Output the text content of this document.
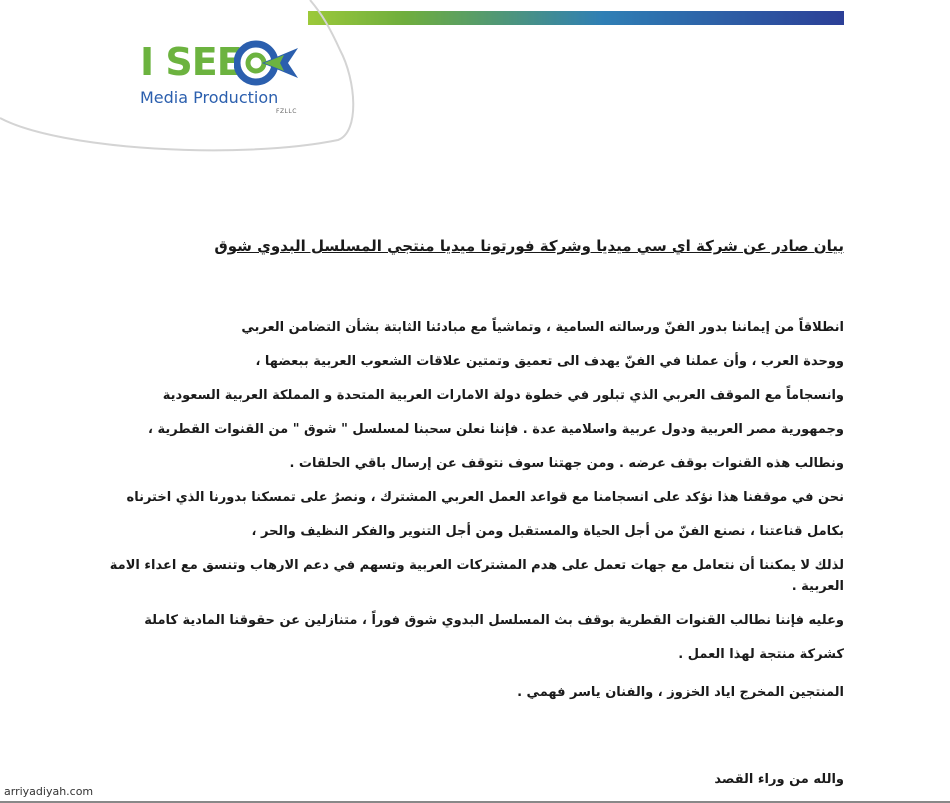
I SEE
Media Production
FZLLC
بيان صادر عن شركة اي سي ميديا وشركة فورتونا ميديا منتجي المسلسل البدوي شوق

انطلاقاً من إيماننا بدور الفنّ ورسالته السامية ، وتماشياً مع مبادئنا الثابتة بشأن التضامن العربي

ووحدة العرب ، وأن عملنا في الفنّ يهدف الى تعميق وتمتين علاقات الشعوب العربية ببعضها ،

وانسجاماً مع الموقف العربي الذي تبلور في خطوة دولة الامارات العربية المتحدة و المملكة العربية السعودية

وجمهورية مصر العربية ودول عربية واسلامية عدة . فإننا نعلن سحبنا لمسلسل " شوق " من القنوات القطرية ،

ونطالب هذه القنوات بوقف عرضه . ومن جهتنا سوف نتوقف عن إرسال باقي الحلقات .

نحن في موقفنا هذا نؤكد على انسجامنا مع قواعد العمل العربي المشترك ، ونصرُ على تمسكنا بدورنا الذي اخترناه

بكامل قناعتنا ، نصنع الفنّ من أجل الحياة والمستقبل ومن أجل التنوير والفكر النظيف والحر ،

لذلك لا يمكننا أن نتعامل مع جهات تعمل على هدم المشتركات العربية وتسهم في دعم الارهاب وتنسق مع اعداء الامة

العربية .

وعليه فإننا نطالب القنوات القطرية بوقف بث المسلسل البدوي شوق فوراً ، متنازلين عن حقوقنا المادية كاملة

كشركة منتجة لهذا العمل .

المنتجين المخرج اياد الخزوز ، والفنان ياسر فهمي .

والله من وراء القصد

arriyadiyah.com
